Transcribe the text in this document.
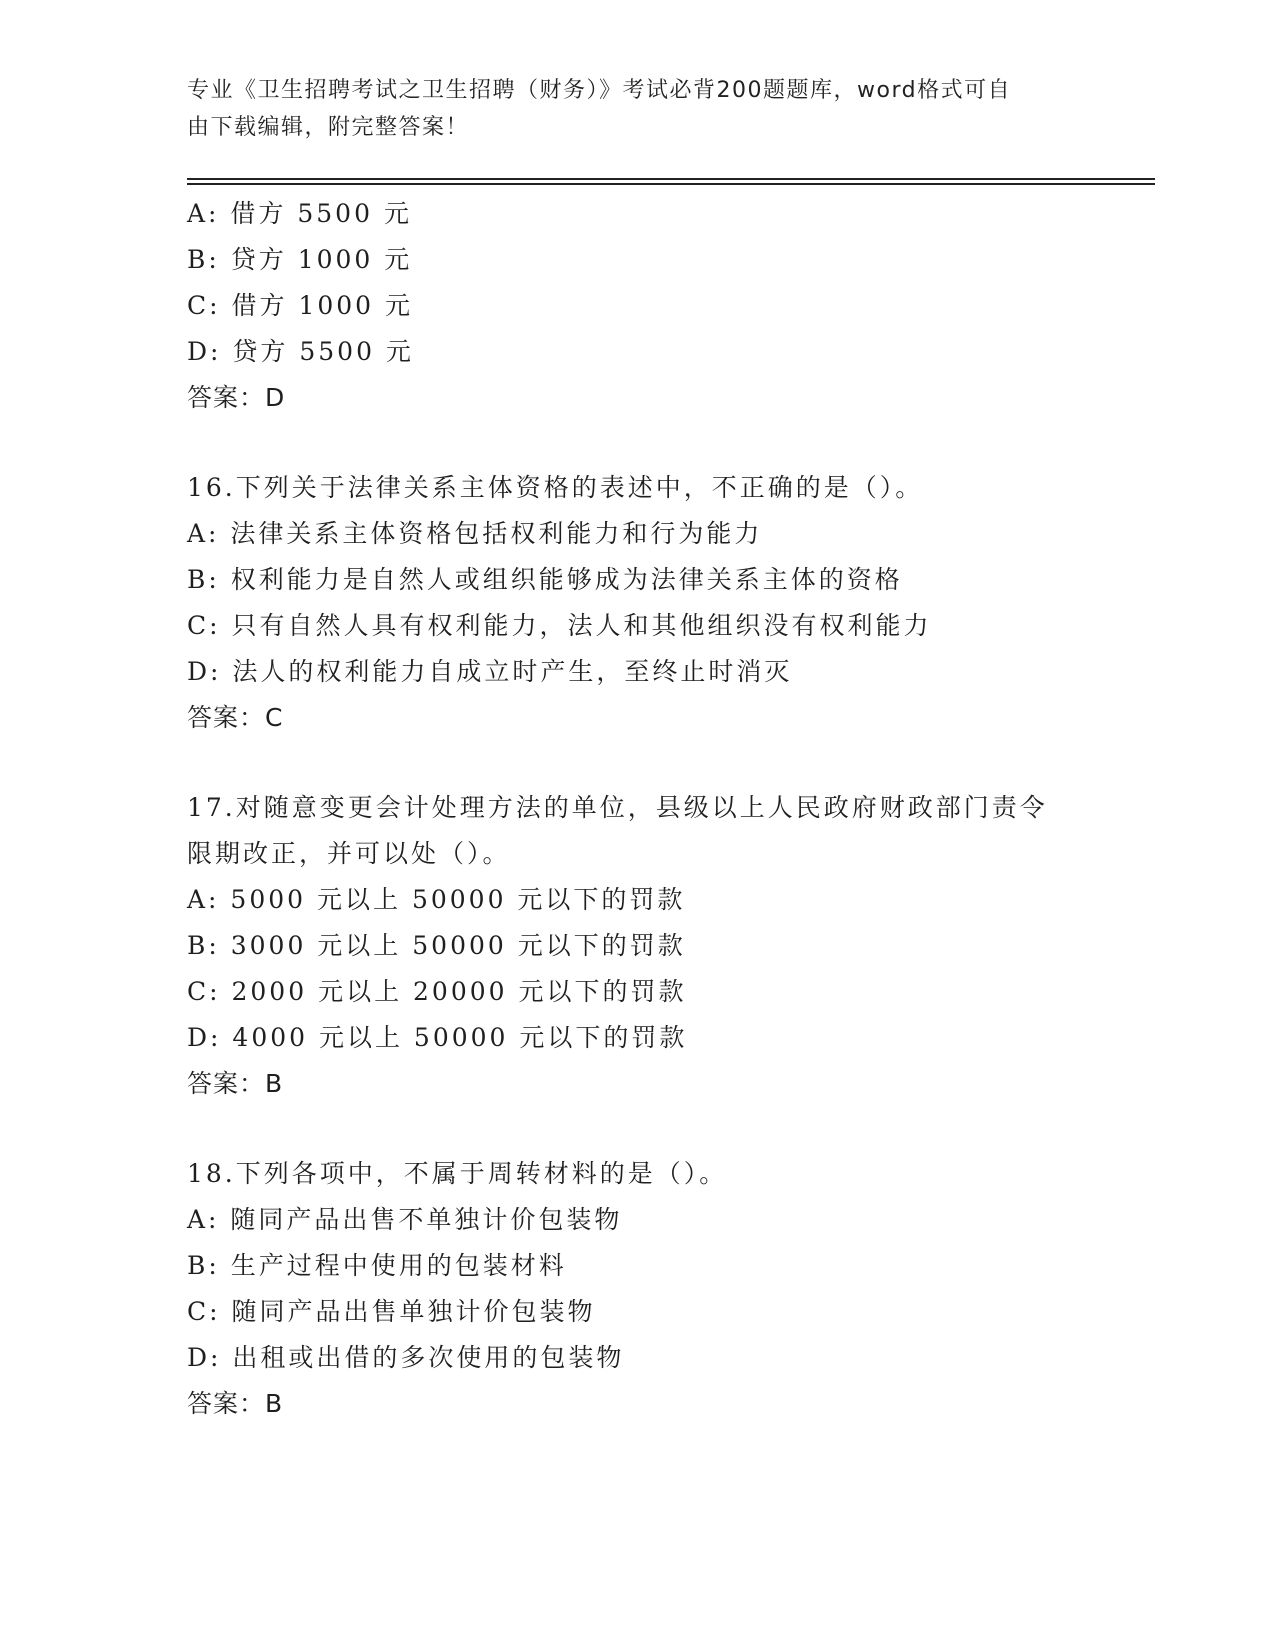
专业《卫生招聘考试之卫生招聘（财务）》考试必背200题题库，word格式可自
由下载编辑，附完整答案！
A: 借方 5500 元
B: 贷方 1000 元
C: 借方 1000 元
D: 贷方 5500 元
答案：D
16.下列关于法律关系主体资格的表述中，不正确的是（）。
A: 法律关系主体资格包括权利能力和行为能力
B: 权利能力是自然人或组织能够成为法律关系主体的资格
C: 只有自然人具有权利能力，法人和其他组织没有权利能力
D: 法人的权利能力自成立时产生，至终止时消灭
答案：C
17.对随意变更会计处理方法的单位，县级以上人民政府财政部门责令
限期改正，并可以处（）。
A: 5000 元以上 50000 元以下的罚款
B: 3000 元以上 50000 元以下的罚款
C: 2000 元以上 20000 元以下的罚款
D: 4000 元以上 50000 元以下的罚款
答案：B
18.下列各项中，不属于周转材料的是（）。
A: 随同产品出售不单独计价包装物
B: 生产过程中使用的包装材料
C: 随同产品出售单独计价包装物
D: 出租或出借的多次使用的包装物
答案：B
